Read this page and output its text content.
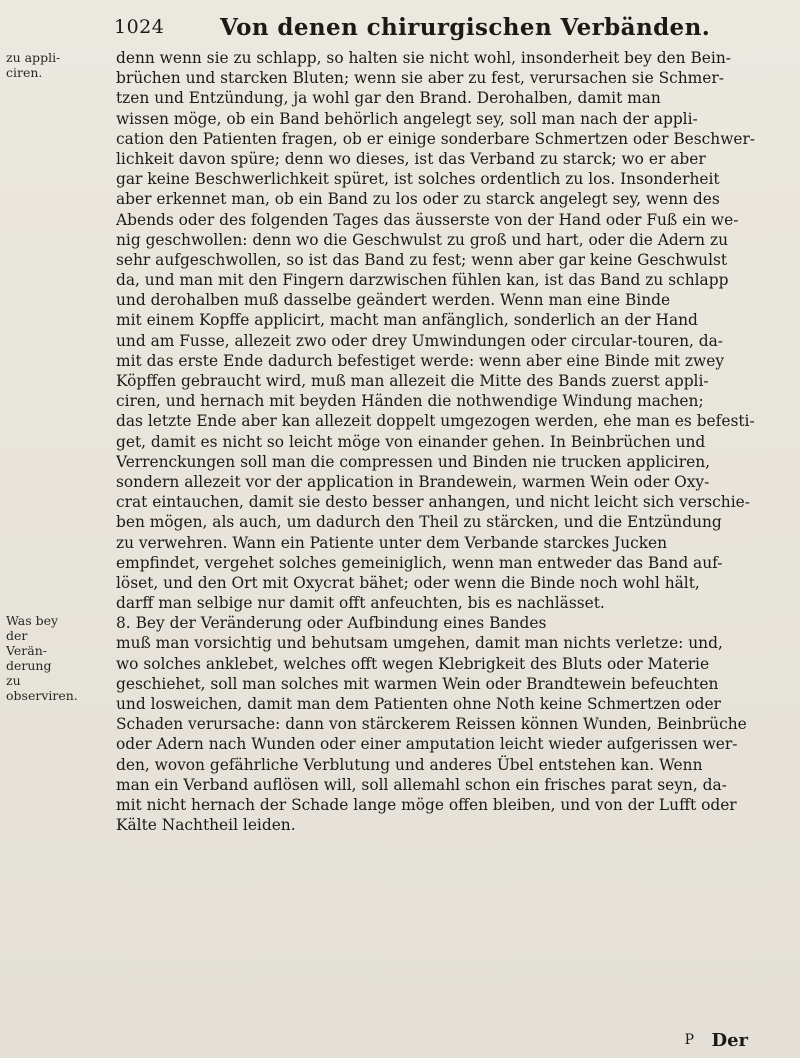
1024 Von denen chirurgischen Verbänden.
zu appli-
ciren.
Was bey
der Verän-
derung zu
observiren.
denn wenn sie zu schlapp, so halten sie nicht wohl, insonderheit bey den Bein-
brüchen und starcken Bluten; wenn sie aber zu fest, verursachen sie Schmer-
tzen und Entzündung, ja wohl gar den Brand. Derohalben, damit man
wissen möge, ob ein Band behörlich angelegt sey, soll man nach der appli-
cation den Patienten fragen, ob er einige sonderbare Schmertzen oder Beschwer-
lichkeit davon spüre; denn wo dieses, ist das Verband zu starck; wo er aber
gar keine Beschwerlichkeit spüret, ist solches ordentlich zu los. Insonderheit
aber erkennet man, ob ein Band zu los oder zu starck angelegt sey, wenn des
Abends oder des folgenden Tages das äusserste von der Hand oder Fuß ein we-
nig geschwollen: denn wo die Geschwulst zu groß und hart, oder die Adern zu
sehr aufgeschwollen, so ist das Band zu fest; wenn aber gar keine Geschwulst
da, und man mit den Fingern darzwischen fühlen kan, ist das Band zu schlapp
und derohalben muß dasselbe geändert werden. Wenn man eine Binde
mit einem Kopffe applicirt, macht man anfänglich, sonderlich an der Hand
und am Fusse, allezeit zwo oder drey Umwindungen oder circular-touren, da-
mit das erste Ende dadurch befestiget werde: wenn aber eine Binde mit zwey
Köpffen gebraucht wird, muß man allezeit die Mitte des Bands zuerst appli-
ciren, und hernach mit beyden Händen die nothwendige Windung machen;
das letzte Ende aber kan allezeit doppelt umgezogen werden, ehe man es befesti-
get, damit es nicht so leicht möge von einander gehen. In Beinbrüchen und
Verrenckungen soll man die compressen und Binden nie trucken appliciren,
sondern allezeit vor der application in Brandewein, warmen Wein oder Oxy-
crat eintauchen, damit sie desto besser anhangen, und nicht leicht sich verschie-
ben mögen, als auch, um dadurch den Theil zu stärcken, und die Entzündung
zu verwehren. Wann ein Patiente unter dem Verbande starckes Jucken
empfindet, vergehet solches gemeiniglich, wenn man entweder das Band auf-
löset, und den Ort mit Oxycrat bähet; oder wenn die Binde noch wohl hält,
darff man selbige nur damit offt anfeuchten, bis es nachlässet.
8. Bey der Veränderung oder Aufbindung eines Bandes
muß man vorsichtig und behutsam umgehen, damit man nichts verletze: und,
wo solches anklebet, welches offt wegen Klebrigkeit des Bluts oder Materie
geschiehet, soll man solches mit warmen Wein oder Brandtewein befeuchten
und losweichen, damit man dem Patienten ohne Noth keine Schmertzen oder
Schaden verursache: dann von stärckerem Reissen können Wunden, Beinbrüche
oder Adern nach Wunden oder einer amputation leicht wieder aufgerissen wer-
den, wovon gefährliche Verblutung und anderes Übel entstehen kan. Wenn
man ein Verband auflösen will, soll allemahl schon ein frisches parat seyn, da-
mit nicht hernach der Schade lange möge offen bleiben, und von der Lufft oder
Kälte Nachtheil leiden.
P Der
